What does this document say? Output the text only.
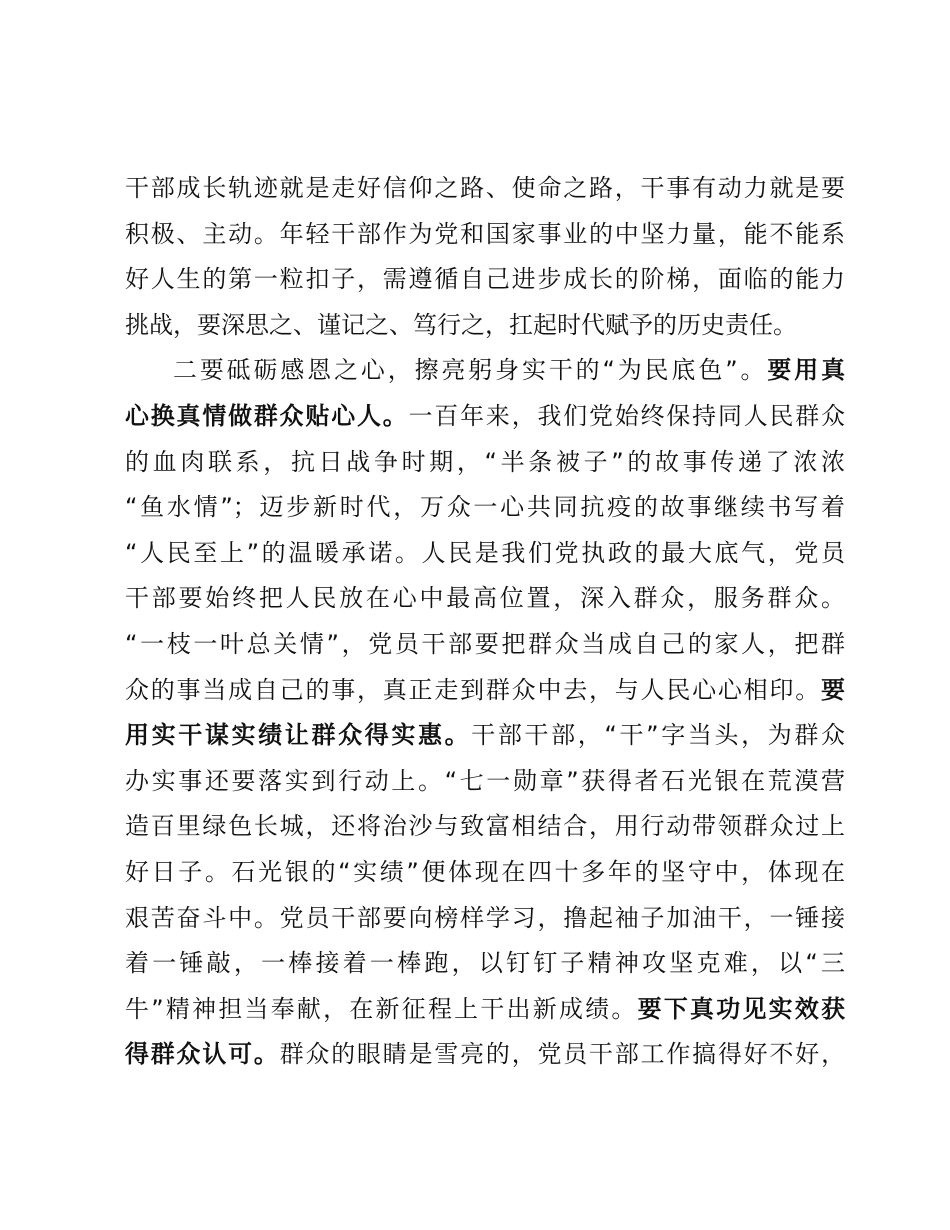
干部成长轨迹就是走好信仰之路、使命之路，干事有动力就是要
积极、主动。年轻干部作为党和国家事业的中坚力量，能不能系
好人生的第一粒扣子，需遵循自己进步成长的阶梯，面临的能力
挑战，要深思之、谨记之、笃行之，扛起时代赋予的历史责任。
二要砥砺感恩之心，擦亮躬身实干的“为民底色”。要用真
心换真情做群众贴心人。一百年来，我们党始终保持同人民群众
的血肉联系，抗日战争时期，“半条被子”的故事传递了浓浓
“鱼水情”；迈步新时代，万众一心共同抗疫的故事继续书写着
“人民至上”的温暖承诺。人民是我们党执政的最大底气，党员
干部要始终把人民放在心中最高位置，深入群众，服务群众。
“一枝一叶总关情”，党员干部要把群众当成自己的家人，把群
众的事当成自己的事，真正走到群众中去，与人民心心相印。要
用实干谋实绩让群众得实惠。干部干部，“干”字当头，为群众
办实事还要落实到行动上。“七一勋章”获得者石光银在荒漠营
造百里绿色长城，还将治沙与致富相结合，用行动带领群众过上
好日子。石光银的“实绩”便体现在四十多年的坚守中，体现在
艰苦奋斗中。党员干部要向榜样学习，撸起袖子加油干，一锤接
着一锤敲，一棒接着一棒跑，以钉钉子精神攻坚克难，以“三
牛”精神担当奉献，在新征程上干出新成绩。要下真功见实效获
得群众认可。群众的眼睛是雪亮的，党员干部工作搞得好不好，
